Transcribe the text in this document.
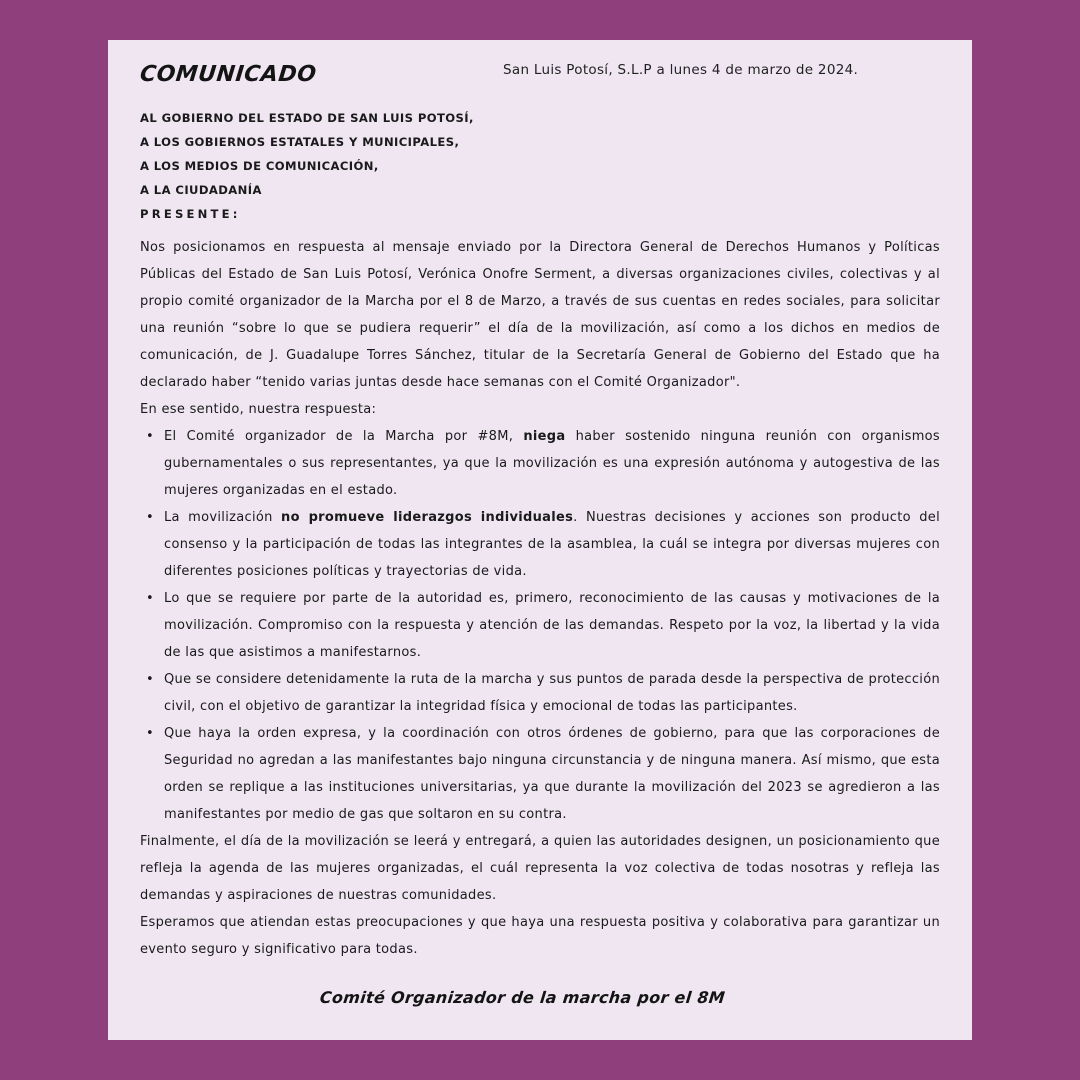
COMUNICADO	San Luis Potosí, S.L.P a lunes 4 de marzo de 2024.
AL GOBIERNO DEL ESTADO DE SAN LUIS POTOSÍ,
A LOS GOBIERNOS ESTATALES Y MUNICIPALES,
A LOS MEDIOS DE COMUNICACIÓN,
A LA CIUDADANÍA
PRESENTE:

Nos posicionamos en respuesta al mensaje enviado por la Directora General de Derechos Humanos y Políticas Públicas del Estado de San Luis Potosí, Verónica Onofre Serment, a diversas organizaciones civiles, colectivas y al propio comité organizador de la Marcha por el 8 de Marzo, a través de sus cuentas en redes sociales, para solicitar una reunión “sobre lo que se pudiera requerir” el día de la movilización, así como a los dichos en medios de comunicación, de J. Guadalupe Torres Sánchez, titular de la Secretaría General de Gobierno del Estado que ha declarado haber “tenido varias juntas desde hace semanas con el Comité Organizador".

En ese sentido, nuestra respuesta:

• El Comité organizador de la Marcha por #8M, niega haber sostenido ninguna reunión con organismos gubernamentales o sus representantes, ya que la movilización es una expresión autónoma y autogestiva de las mujeres organizadas en el estado.
• La movilización no promueve liderazgos individuales. Nuestras decisiones y acciones son producto del consenso y la participación de todas las integrantes de la asamblea, la cuál se integra por diversas mujeres con diferentes posiciones políticas y trayectorias de vida.
• Lo que se requiere por parte de la autoridad es, primero, reconocimiento de las causas y motivaciones de la movilización. Compromiso con la respuesta y atención de las demandas. Respeto por la voz, la libertad y la vida de las que asistimos a manifestarnos.
• Que se considere detenidamente la ruta de la marcha y sus puntos de parada desde la perspectiva de protección civil, con el objetivo de garantizar la integridad física y emocional de todas las participantes.
• Que haya la orden expresa, y la coordinación con otros órdenes de gobierno, para que las corporaciones de Seguridad no agredan a las manifestantes bajo ninguna circunstancia y de ninguna manera. Así mismo, que esta orden se replique a las instituciones universitarias, ya que durante la movilización del 2023 se agredieron a las manifestantes por medio de gas que soltaron en su contra.

Finalmente, el día de la movilización se leerá y entregará, a quien las autoridades designen, un posicionamiento que refleja la agenda de las mujeres organizadas, el cuál representa la voz colectiva de todas nosotras y refleja las demandas y aspiraciones de nuestras comunidades.

Esperamos que atiendan estas preocupaciones y que haya una respuesta positiva y colaborativa para garantizar un evento seguro y significativo para todas.

Comité Organizador de la marcha por el 8M
